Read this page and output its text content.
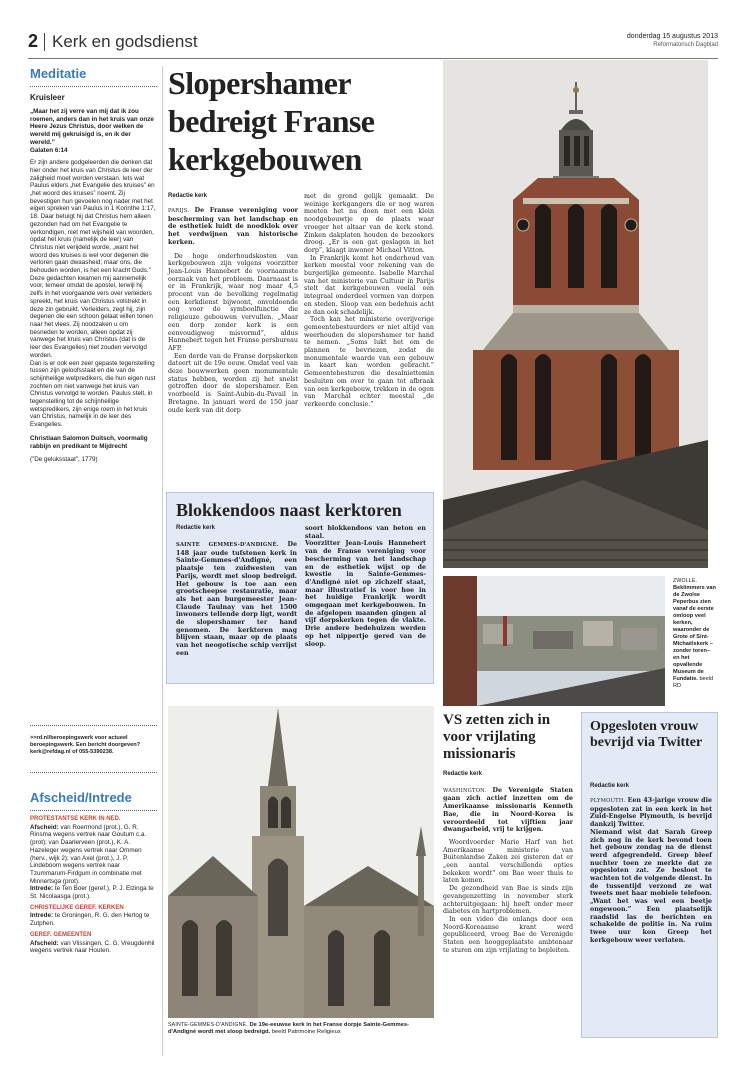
2 Kerk en godsdienst	donderdag 15 augustus 2013
Reformatorisch Dagblad
Meditatie
Kruisleer
„Maar het zij verre van mij dat ik zou roemen, anders dan in het kruis van onze Heere Jezus Christus, door welken de wereld mij gekruisigd is, en ik der wereld.”
Galaten 6:14
Er zijn andere godgeleerden die denken dat hier onder het kruis van Christus de leer der zaligheid moet worden verstaan. Iets wat Paulus elders „het Evangelie des kruises” en „het woord des kruises” noemt. Zij bevestigen hun gevoelen nog nader met het eigen spreken van Paulus in 1 Korinthe 1:17, 18. Daar betuigt hij dat Christus hem alleen gezonden had om het Evangelie te verkondigen, niet met wijsheid van woorden, opdat het kruis (namelijk de leer) van Christus niet verijdeld worde, „want het woord des kruises is wel voor degenen die verloren gaan dwaasheid; maar ons, die behouden worden, is het een kracht Gods.”
Deze gedachten kwamen mij aannemelijk voor, temeer omdat de apostel, terwijl hij zelfs in het voorgaande vers over verleiders spreekt, het kruis van Christus volstrekt in deze zin gebruikt. Verleiders, zegt hij, zijn degenen die een schoon gelaat willen tonen naar het vlees. Zij noodzaken u om besneden te worden, alleen opdat zij vanwege het kruis van Christus (dat is de leer des Evangelies) niet zouden vervolgd worden.
Dan is er ook een zeer gepaste tegenstelling tussen zijn geloofsstaat en die van de schijnheilige wetpredikers, die hun eigen rust zochten om niet vanwege het kruis van Christus vervolgd te worden. Paulus stelt, in tegenstelling tot de schijnheilige wetspredikers, zijn enige roem in het kruis van Christus, namelijk in de leer des Evangelies.
Christiaan Salomon Duitsch, voormalig rabbijn en predikant te Mijdrecht
(”De geluksstaat”, 1779)
>>rd.nl/beroepingswerk voor actueel beroepingswerk. Een bericht doorgeven? kerk@refdag.nl of 055-5390238.
Afscheid/Intrede
PROTESTANTSE KERK IN NED.
Afscheid: van Roermond (prot.), G. R. Rinsma wegens vertrek naar Goutum c.a. (prot); van Daarlerveen (prot.), K. A. Hazeleger wegens vertrek naar Ommen (herv., wijk 2); van Axel (prot.), J. P. Lindeboom wegens vertrek naar Tzummarum-Firdgum in combinatie met Minnertsga (prot).
Intrede: te Ten Boer (geref.), P. J. Elzinga te St. Nicolaasga (prot.).
CHRISTELIJKE GEREF. KERKEN
Intrede: te Groningen, R. G. den Hertog te Zutphen.
GEREF. GEMEENTEN
Afscheid: van Vlissingen, C. G. Vreugdenhil wegens vertrek naar Houten.
Slopershamer bedreigt Franse kerkgebouwen
Redactie kerk
PARIJS. De Franse vereniging voor bescherming van het landschap en de esthetiek luidt de noodklok over het verdwijnen van historische kerken.
De hoge onderhoudskosten van kerkgebouwen zijn volgens voorzitter Jean-Louis Hannebert de voornaamste oorzaak van het probleem. Daarnaast is er in Frankrijk, waar nog maar 4,5 procent van de bevolking regelmatig een kerkdienst bijwoont, onvoldoende oog voor de symboolfunctie die religieuze gebouwen vervullen. „Maar een dorp zonder kerk is een eenvoudigweg misvormd”, aldus Hannebert tegen het Franse persbureau AFP.
Een derde van de Franse dorpskerken dateert uit de 19e eeuw. Omdat veel van deze bouwwerken geen monumentale status hebben, worden zij het snelst getroffen door de slopershamer. Een voorbeeld is Saint-Aubin-du-Pavail in Bretagne. In januari werd de 150 jaar oude kerk van dit dorp
met de grond gelijk gemaakt. De weinige kerkgangers die er nog waren moeten het nu doen met een klein noodgebouwtje op de plaats waar vroeger het altaar van de kerk stond. Zinken dakplaten houden de bezoekers droog. „Er is een gat geslagen in het dorp”, klaagt inwoner Michael Vitton.
In Frankrijk komt het onderhoud van kerken meestal voor rekening van de burgerlijke gemeente. Isabelle Marchal van het ministerie van Cultuur in Parijs stelt dat kerkgebouwen veelal een integraal onderdeel vormen van dorpen en steden. Sloop van een bedehuis acht ze dan ook schadelijk.
Toch kan het ministerie overijverige gemeentebestuurders er niet altijd van weerhouden de slopershamer ter hand te nemen. „Soms lukt het om de plannen te bevriezen, zodat de monumentale waarde van een gebouw in kaart kan worden gebracht.” Gemeentebesturen die desalniettemin besluiten om over te gaan tot afbraak van een kerkgebouw, trekken in de ogen van Marchal echter meestal „de verkeerde conclusie.”
Blokkendoos naast kerktoren
Redactie kerk
SAINTE GEMMES-D'ANDIGNÉ. De 148 jaar oude tufstenen kerk in Sainte-Gemmes-d'Andigné, een plaatsje ten zuidwesten van Parijs, wordt met sloop bedreigd. Het gebouw is toe aan een grootscheepse restauratie, maar als het aan burgemeester Jean-Claude Taulnay van het 1500 inwoners tellende dorp ligt, wordt de slopershamer ter hand genomen. De kerktoren mag blijven staan, maar op de plaats van het neogotische schip verrijst een
soort blokkendoos van beton en staal.
Voorzitter Jean-Louis Hannebert van de Franse vereniging voor bescherming van het landschap en de esthetiek wijst op de kwestie in Sainte-Gemmes-d'Andigné niet op zichzelf staat, maar illustratief is voor hoe in het huidige Frankrijk wordt omgegaan met kerkgebouwen. In de afgelopen maanden gingen al vijf dorpskerken tegen de vlakte. Drie andere bedehuizen werden op het nippertje gered van de sloop.
ZWOLLE. Beklimmers van de Zwolse Peperbus zien vanaf de eerste omloop veel kerken, waaronder de Grote of Sint-Michaëlskerk –zonder toren– en het opvallende Museum de Fundatie. beeld RD
SAINTE-GEMMES-D'ANDIGNÉ. De 19e-eeuwse kerk in het Franse dorpje Sainte-Gemmes-d'Andigné wordt met sloop bedreigd. beeld Patrimoine Religieux
VS zetten zich in voor vrijlating missionaris
Redactie kerk
WASHINGTON. De Verenigde Staten gaan zich actief inzetten om de Amerikaanse missionaris Kenneth Bae, die in Noord-Korea is veroordeeld tot vijftien jaar dwangarbeid, vrij te krijgen.
Woordvoerder Marie Harf van het Amerikaanse ministerie van Buitenlandse Zaken zei gisteren dat er „een aantal verschillende opties bekeken wordt” om Bae weer thuis te laten komen.
De gezondheid van Bae is sinds zijn gevangenzetting in november sterk achteruitgegaan: hij heeft onder meer diabetes en hartproblemen.
In een video die onlangs door een Noord-Koreaanse krant werd gepubliceerd, vroeg Bae de Verenigde Staten een hooggeplaatste ambtenaar te sturen om zijn vrijlating te bepleiten.
Opgesloten vrouw bevrijd via Twitter
Redactie kerk
PLYMOUTH. Een 43-jarige vrouw die opgesloten zat in een kerk in het Zuid-Engelse Plymouth, is bevrijd dankzij Twitter.
Niemand wist dat Sarah Greep zich nog in de kerk bevond toen het gebouw zondag na de dienst werd afgegrendeld. Greep bleef nuchter toen ze merkte dat ze opgesloten zat. Ze besloot te wachten tot de volgende dienst. In de tussentijd verzond ze wat tweets met haar mobiele telefoon. „Want het was wel een beetje ongewoon.” Een plaatselijk raadslid las de berichten en schakelde de politie in. Na ruim twee uur kon Greep het kerkgebouw weer verlaten.
